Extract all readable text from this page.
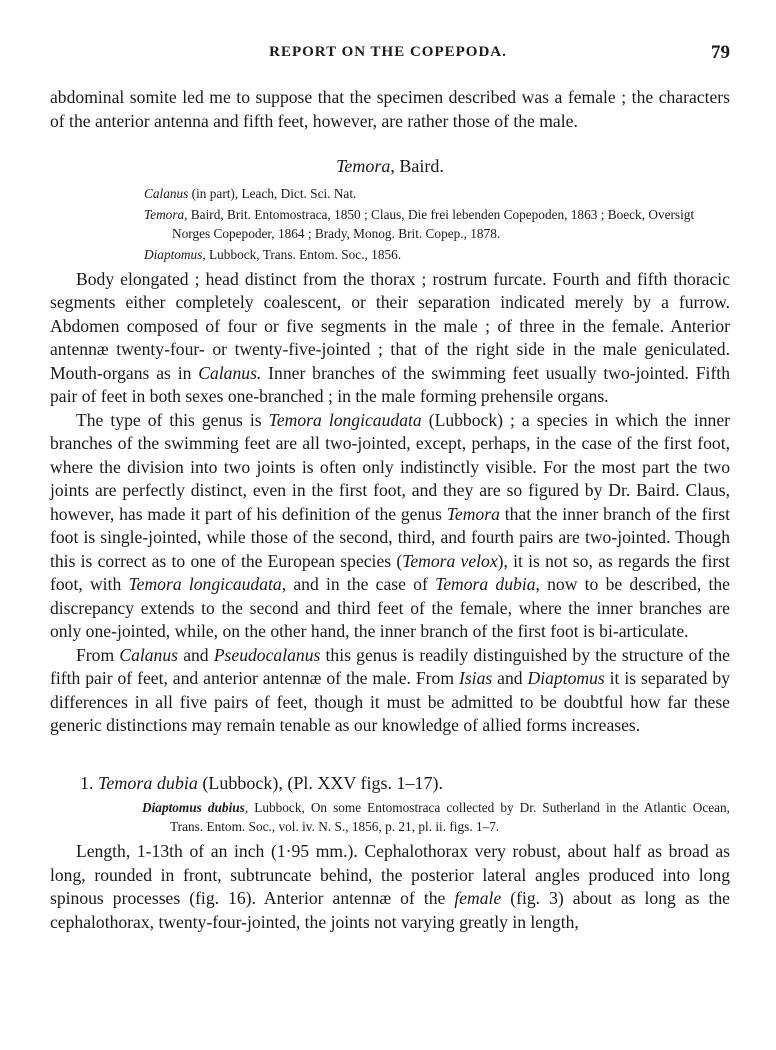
REPORT ON THE COPEPODA.	79

abdominal somite led me to suppose that the specimen described was a female ; the characters of the anterior antenna and fifth feet, however, are rather those of the male.

Temora, Baird.

Calanus (in part), Leach, Dict. Sci. Nat.

Temora, Baird, Brit. Entomostraca, 1850 ; Claus, Die frei lebenden Copepoden, 1863 ; Boeck, Oversigt Norges Copepoder, 1864 ; Brady, Monog. Brit. Copep., 1878.

Diaptomus, Lubbock, Trans. Entom. Soc., 1856.

Body elongated ; head distinct from the thorax ; rostrum furcate. Fourth and fifth thoracic segments either completely coalescent, or their separation indicated merely by a furrow. Abdomen composed of four or five segments in the male ; of three in the female. Anterior antennæ twenty-four- or twenty-five-jointed ; that of the right side in the male geniculated. Mouth-organs as in Calanus. Inner branches of the swimming feet usually two-jointed. Fifth pair of feet in both sexes one-branched ; in the male forming prehensile organs.

The type of this genus is Temora longicaudata (Lubbock) ; a species in which the inner branches of the swimming feet are all two-jointed, except, perhaps, in the case of the first foot, where the division into two joints is often only indistinctly visible. For the most part the two joints are perfectly distinct, even in the first foot, and they are so figured by Dr. Baird. Claus, however, has made it part of his definition of the genus Temora that the inner branch of the first foot is single-jointed, while those of the second, third, and fourth pairs are two-jointed. Though this is correct as to one of the European species (Temora velox), it is not so, as regards the first foot, with Temora longicaudata, and in the case of Temora dubia, now to be described, the discrepancy extends to the second and third feet of the female, where the inner branches are only one-jointed, while, on the other hand, the inner branch of the first foot is bi-articulate.

From Calanus and Pseudocalanus this genus is readily distinguished by the structure of the fifth pair of feet, and anterior antennæ of the male. From Isias and Diaptomus it is separated by differences in all five pairs of feet, though it must be admitted to be doubtful how far these generic distinctions may remain tenable as our knowledge of allied forms increases.

1. Temora dubia (Lubbock), (Pl. XXV figs. 1–17).

Diaptomus dubius, Lubbock, On some Entomostraca collected by Dr. Sutherland in the Atlantic Ocean, Trans. Entom. Soc., vol. iv. N. S., 1856, p. 21, pl. ii. figs. 1–7.

Length, 1-13th of an inch (1·95 mm.). Cephalothorax very robust, about half as broad as long, rounded in front, subtruncate behind, the posterior lateral angles produced into long spinous processes (fig. 16). Anterior antennæ of the female (fig. 3) about as long as the cephalothorax, twenty-four-jointed, the joints not varying greatly in length,
